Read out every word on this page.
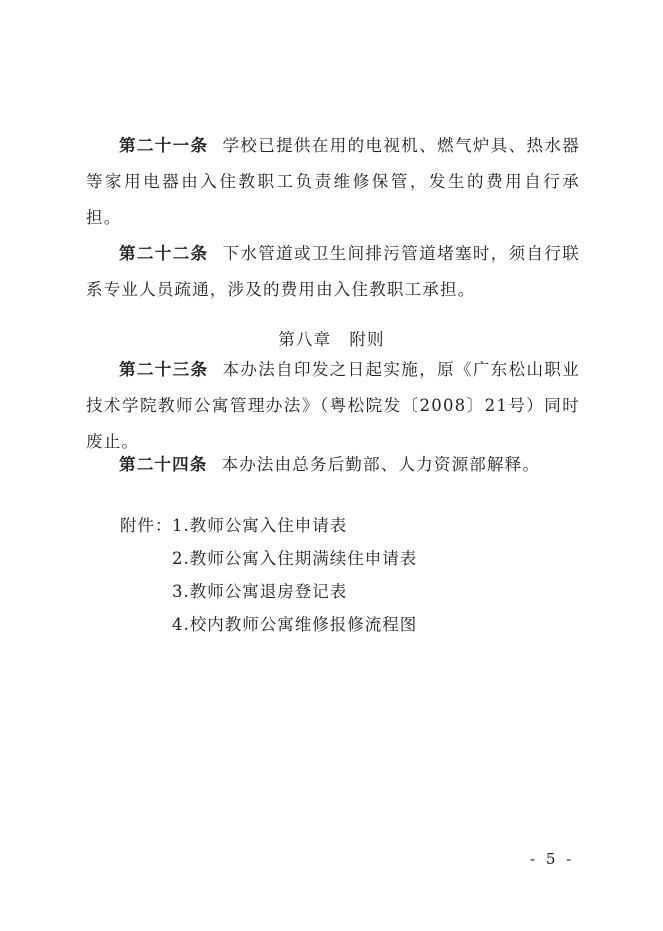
第二十一条 学校已提供在用的电视机、燃气炉具、热水器等家用电器由入住教职工负责维修保管，发生的费用自行承担。

第二十二条 下水管道或卫生间排污管道堵塞时，须自行联系专业人员疏通，涉及的费用由入住教职工承担。

第八章 附则

第二十三条 本办法自印发之日起实施，原《广东松山职业技术学院教师公寓管理办法》（粤松院发〔2008〕21号）同时废止。

第二十四条 本办法由总务后勤部、人力资源部解释。

附件： 1.教师公寓入住申请表

2.教师公寓入住期满续住申请表

3.教师公寓退房登记表

4.校内教师公寓维修报修流程图

- 5 -
